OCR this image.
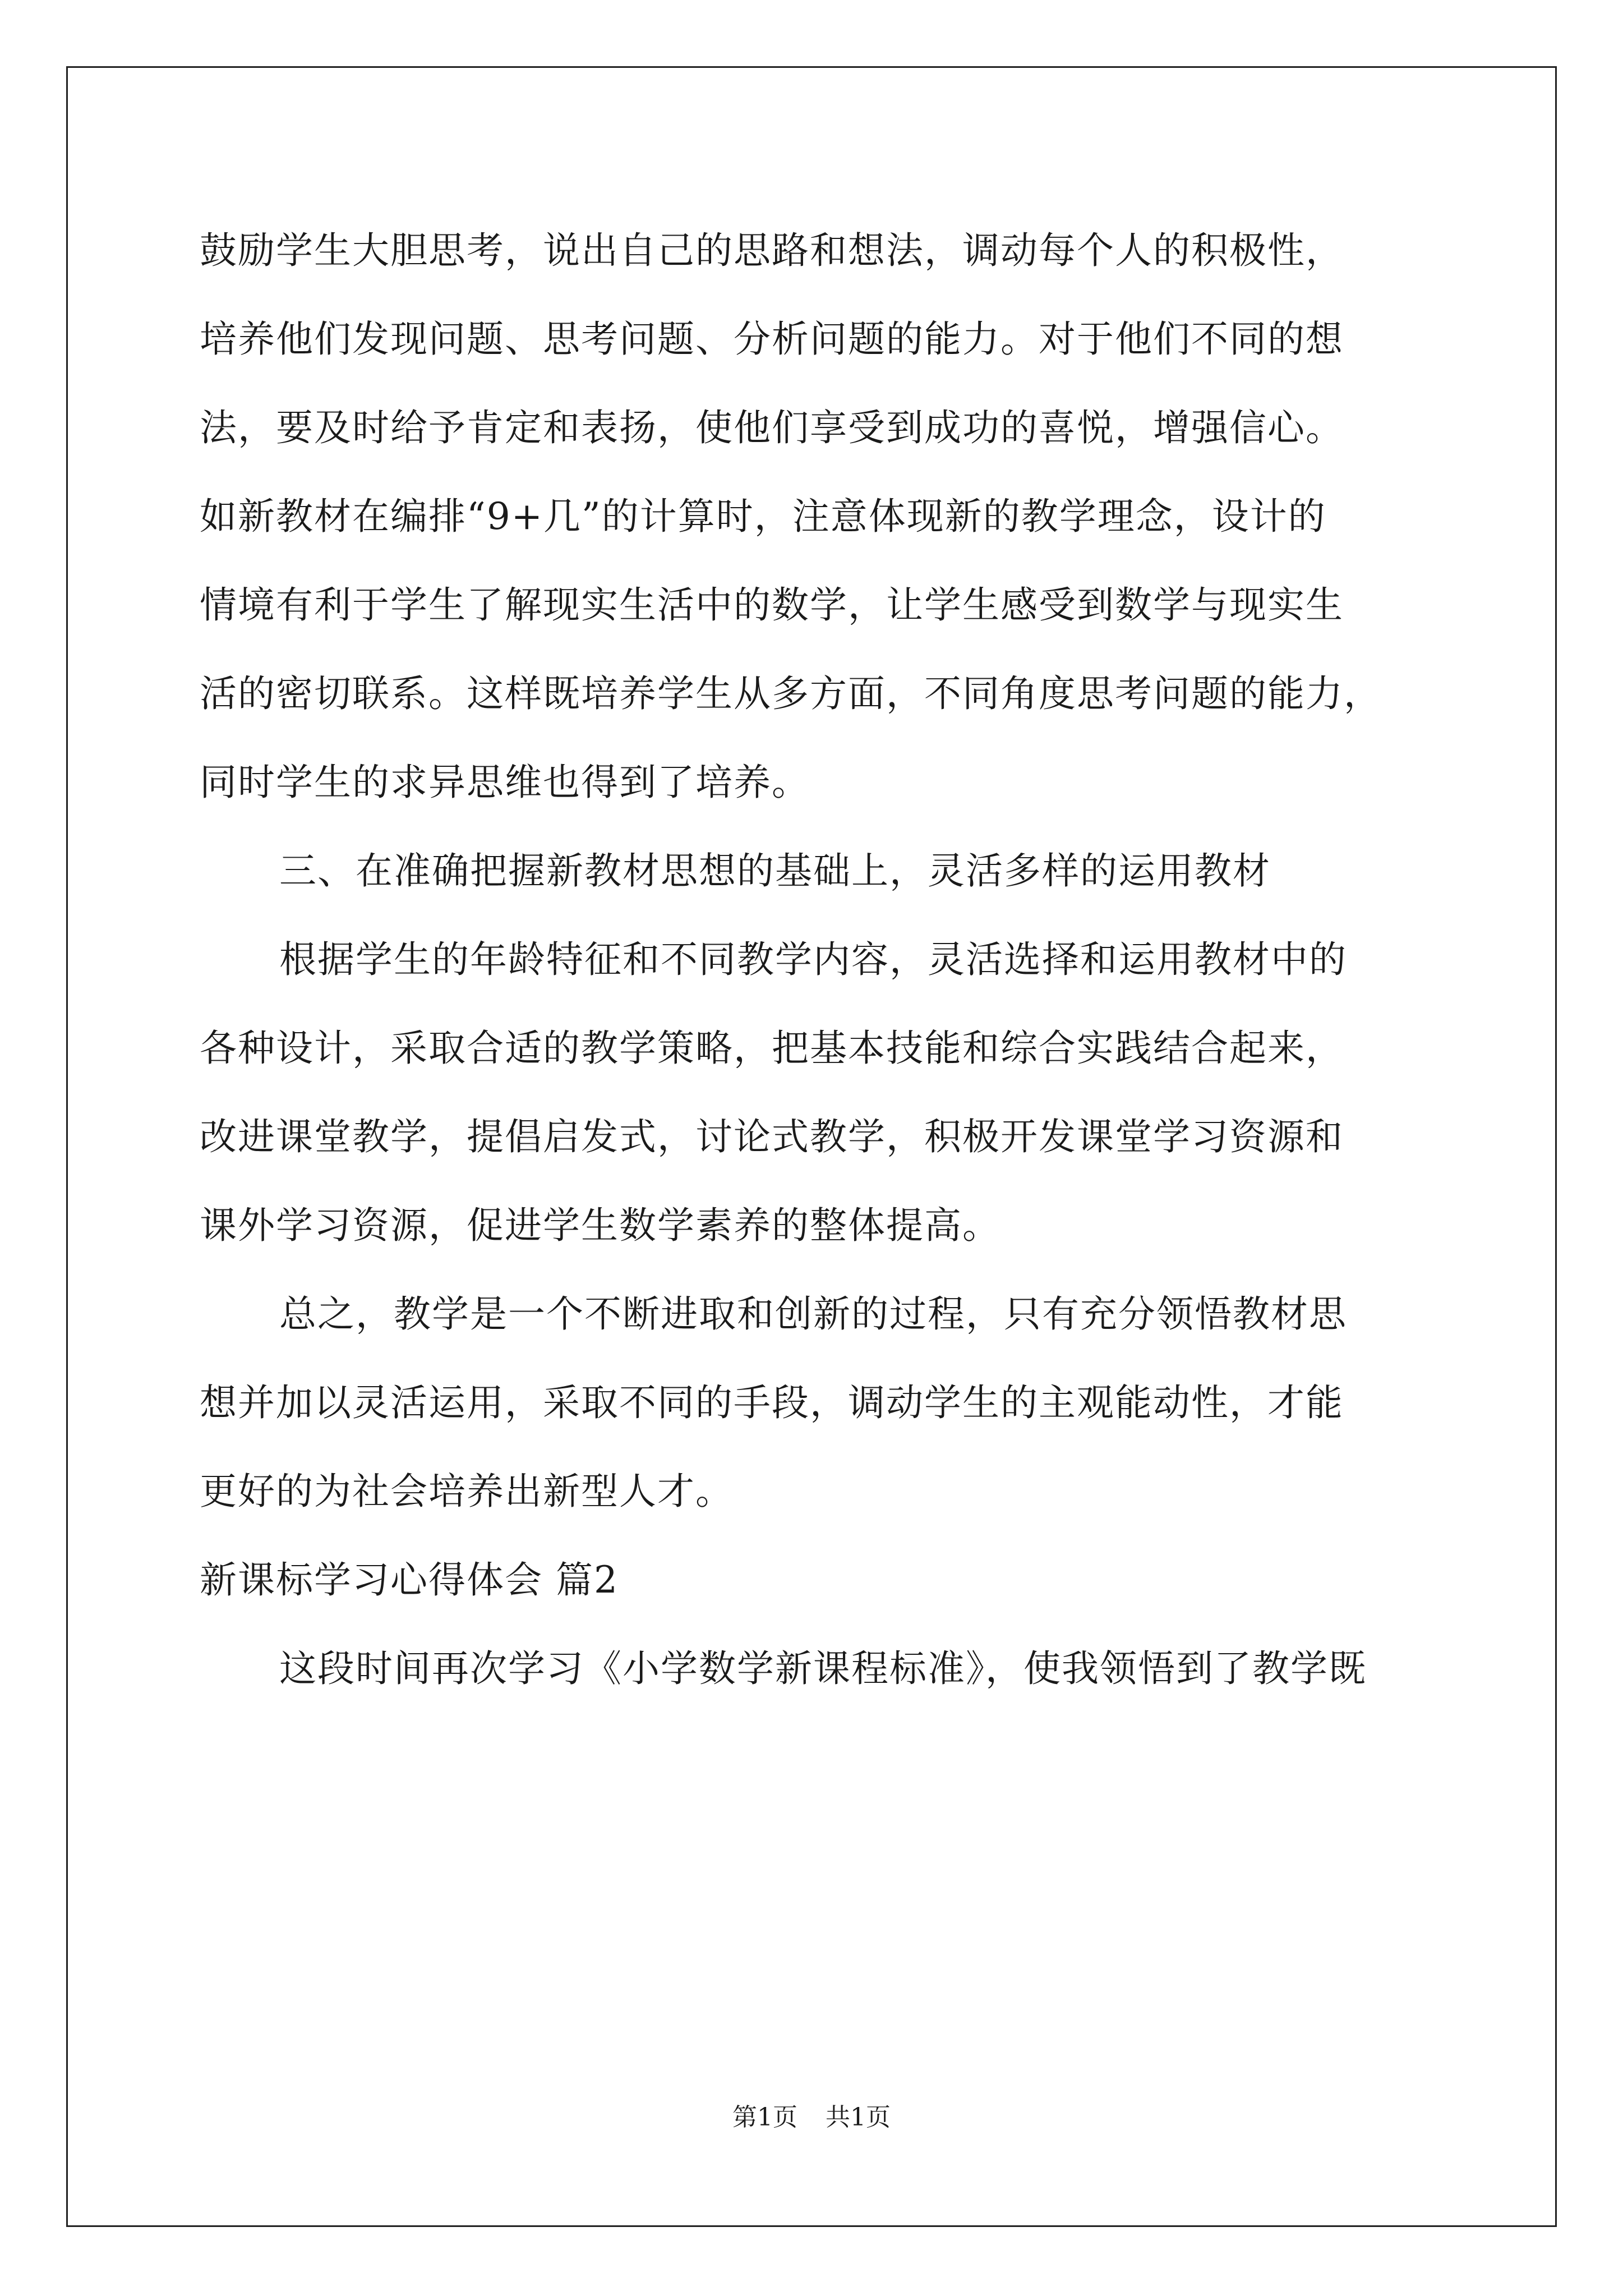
鼓励学生大胆思考，说出自己的思路和想法，调动每个人的积极性，
培养他们发现问题、思考问题、分析问题的能力。对于他们不同的想
法，要及时给予肯定和表扬，使他们享受到成功的喜悦，增强信心。
如新教材在编排“9+几”的计算时，注意体现新的教学理念，设计的
情境有利于学生了解现实生活中的数学，让学生感受到数学与现实生
活的密切联系。这样既培养学生从多方面，不同角度思考问题的能力，
同时学生的求异思维也得到了培养。
三、在准确把握新教材思想的基础上，灵活多样的运用教材
根据学生的年龄特征和不同教学内容，灵活选择和运用教材中的
各种设计，采取合适的教学策略，把基本技能和综合实践结合起来，
改进课堂教学，提倡启发式，讨论式教学，积极开发课堂学习资源和
课外学习资源，促进学生数学素养的整体提高。
总之，教学是一个不断进取和创新的过程，只有充分领悟教材思
想并加以灵活运用，采取不同的手段，调动学生的主观能动性，才能
更好的为社会培养出新型人才。
新课标学习心得体会 篇2
这段时间再次学习《小学数学新课程标准》，使我领悟到了教学既
第1页 共1页
